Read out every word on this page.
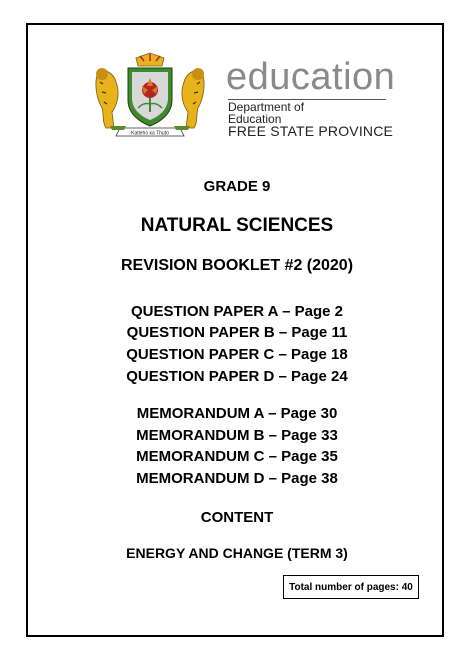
Katleho ka Thuto
education
Department of
Education
FREE STATE PROVINCE
GRADE 9
NATURAL SCIENCES
REVISION BOOKLET #2 (2020)
QUESTION PAPER A – Page 2
QUESTION PAPER B – Page 11
QUESTION PAPER C – Page 18
QUESTION PAPER D – Page 24
MEMORANDUM A – Page 30
MEMORANDUM B – Page 33
MEMORANDUM C – Page 35
MEMORANDUM D – Page 38
CONTENT
ENERGY AND CHANGE (TERM 3)
Total number of pages: 40
